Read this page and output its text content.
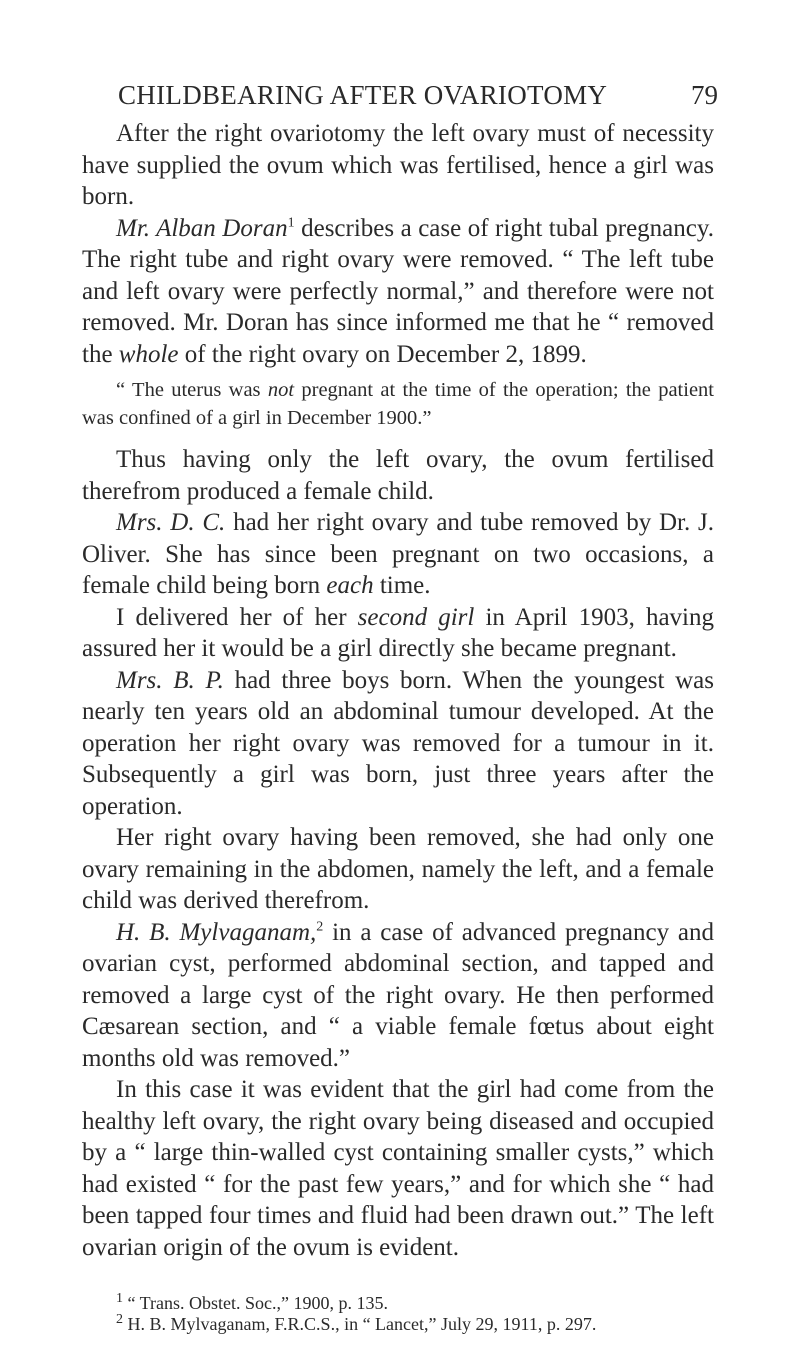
CHILDBEARING AFTER OVARIOTOMY	79

After the right ovariotomy the left ovary must of necessity have supplied the ovum which was fertilised, hence a girl was born.

Mr. Alban Doran$^1$ describes a case of right tubal pregnancy. The right tube and right ovary were removed. “ The left tube and left ovary were perfectly normal,” and therefore were not removed. Mr. Doran has since informed me that he “ removed the whole of the right ovary on December 2, 1899.

“ The uterus was not pregnant at the time of the operation; the patient was confined of a girl in December 1900.”

Thus having only the left ovary, the ovum fertilised therefrom produced a female child.

Mrs. D. C. had her right ovary and tube removed by Dr. J. Oliver. She has since been pregnant on two occasions, a female child being born each time.

I delivered her of her second girl in April 1903, having assured her it would be a girl directly she became pregnant.

Mrs. B. P. had three boys born. When the youngest was nearly ten years old an abdominal tumour developed. At the operation her right ovary was removed for a tumour in it. Subsequently a girl was born, just three years after the operation.

Her right ovary having been removed, she had only one ovary remaining in the abdomen, namely the left, and a female child was derived therefrom.

H. B. Mylvaganam,$^2$ in a case of advanced pregnancy and ovarian cyst, performed abdominal section, and tapped and removed a large cyst of the right ovary. He then performed Cæsarean section, and “ a viable female fœtus about eight months old was removed.”

In this case it was evident that the girl had come from the healthy left ovary, the right ovary being diseased and occupied by a “ large thin-walled cyst containing smaller cysts,” which had existed “ for the past few years,” and for which she “ had been tapped four times and fluid had been drawn out.” The left ovarian origin of the ovum is evident.

$^1$ “ Trans. Obstet. Soc.,” 1900, p. 135.

$^2$ H. B. Mylvaganam, F.R.C.S., in “ Lancet,” July 29, 1911, p. 297.
